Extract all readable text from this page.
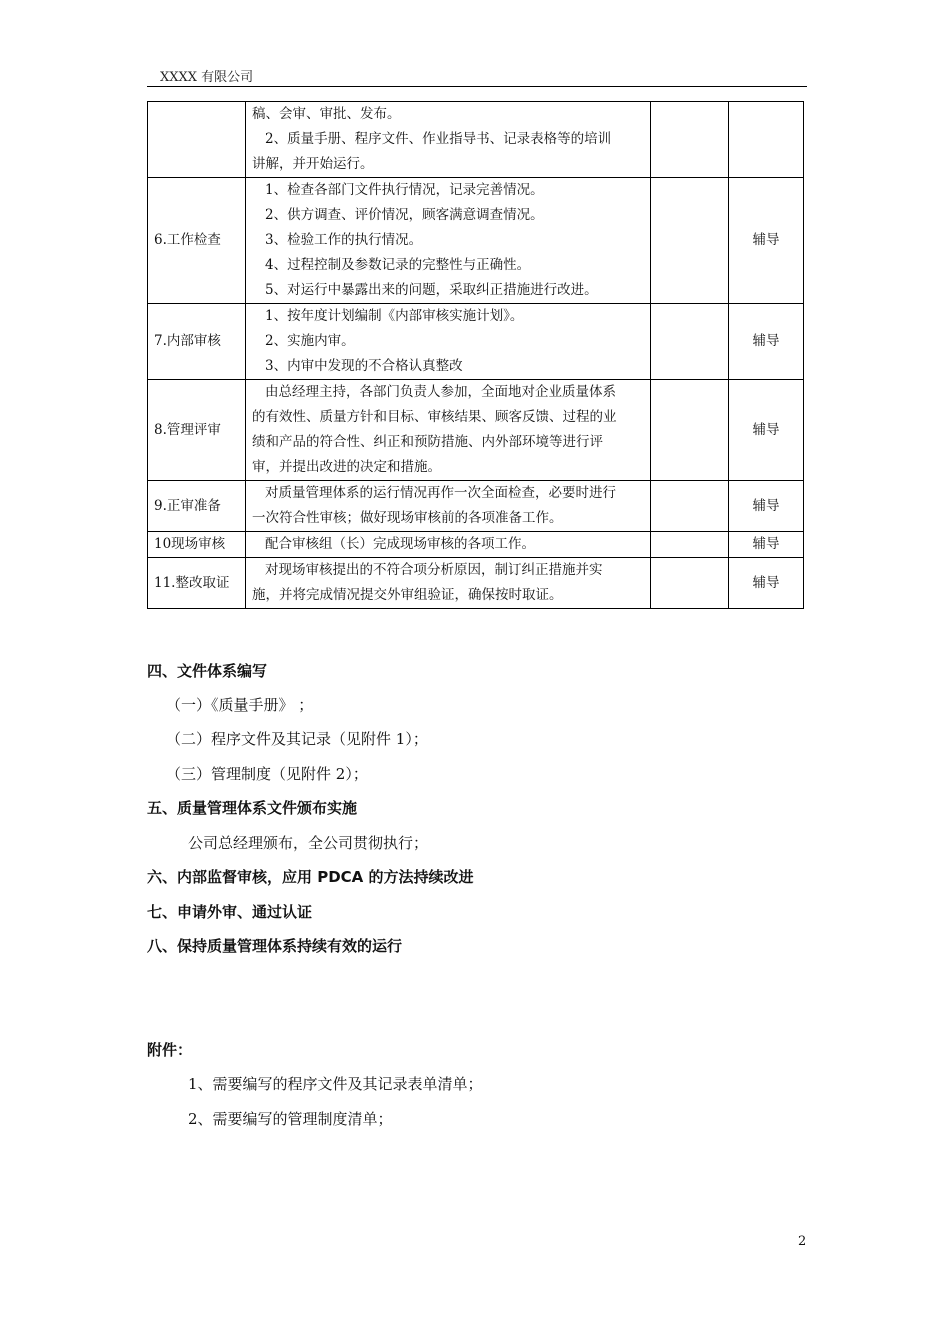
XXXX 有限公司

	稿、会审、审批、发布。
2、质量手册、程序文件、作业指导书、记录表格等的培训
讲解，并开始运行。		

6.工作检查	1、检查各部门文件执行情况，记录完善情况。
2、供方调查、评价情况，顾客满意调查情况。
3、检验工作的执行情况。
4、过程控制及参数记录的完整性与正确性。
5、对运行中暴露出来的问题，采取纠正措施进行改进。		辅导
7.内部审核	1、按年度计划编制《内部审核实施计划》。
2、实施内审。
3、内审中发现的不合格认真整改		辅导
8.管理评审	由总经理主持，各部门负责人参加，全面地对企业质量体系
的有效性、质量方针和目标、审核结果、顾客反馈、过程的业
绩和产品的符合性、纠正和预防措施、内外部环境等进行评
审，并提出改进的决定和措施。		辅导
9.正审准备	对质量管理体系的运行情况再作一次全面检查，必要时进行
一次符合性审核；做好现场审核前的各项准备工作。		辅导
10现场审核	配合审核组（长）完成现场审核的各项工作。		辅导
11.整改取证	对现场审核提出的不符合项分析原因，制订纠正措施并实
施，并将完成情况提交外审组验证，确保按时取证。		辅导
四、文件体系编写
（一）《质量手册》 ；
（二）程序文件及其记录（见附件 1）；
（三）管理制度（见附件 2）；
五、质量管理体系文件颁布实施
公司总经理颁布，全公司贯彻执行；
六、内部监督审核，应用 PDCA 的方法持续改进
七、申请外审、通过认证
八、保持质量管理体系持续有效的运行
附件：
1、需要编写的程序文件及其记录表单清单；
2、需要编写的管理制度清单；
2
